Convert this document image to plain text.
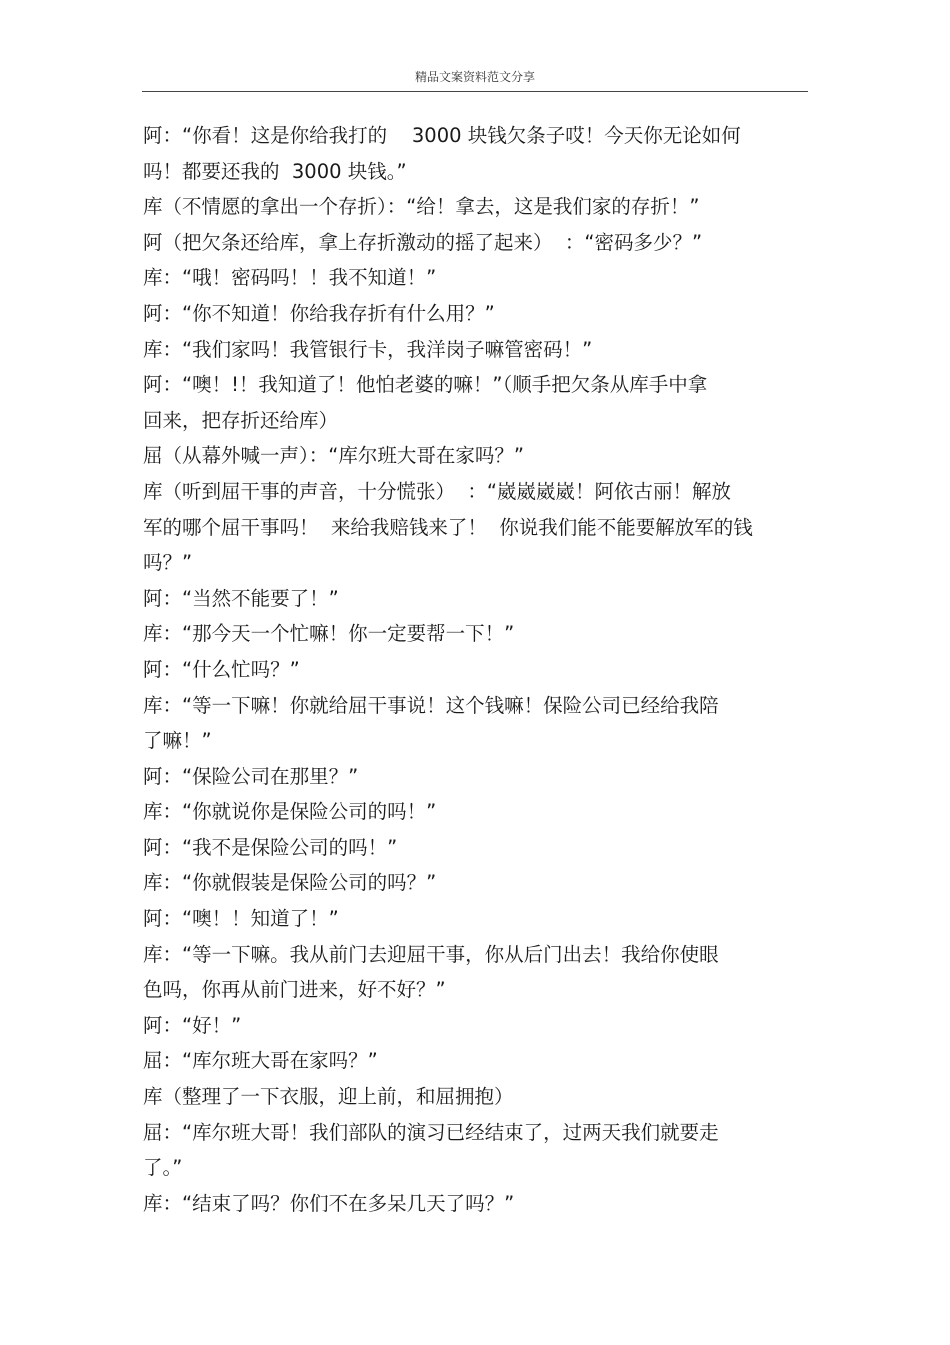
精品文案资料范文分享
阿：“你看！这是你给我打的    3000 块钱欠条子哎！今天你无论如何
吗！都要还我的  3000 块钱。”
库（不情愿的拿出一个存折）：“给！拿去，这是我们家的存折！”
阿（把欠条还给库，拿上存折激动的摇了起来）  ：“密码多少？”
库：“哦！密码吗！！我不知道！”
阿：“你不知道！你给我存折有什么用？”
库：“我们家吗！我管银行卡，我洋岗子嘛管密码！”
阿：“噢！!！我知道了！他怕老婆的嘛！”（顺手把欠条从库手中拿
回来，把存折还给库）
屈（从幕外喊一声）：“库尔班大哥在家吗？”
库（听到屈干事的声音，十分慌张）  ：“崴崴崴崴！阿依古丽！解放
军的哪个屈干事吗！  来给我赔钱来了！  你说我们能不能要解放军的钱
吗？”
阿：“当然不能要了！”
库：“那今天一个忙嘛！你一定要帮一下！”
阿：“什么忙吗？”
库：“等一下嘛！你就给屈干事说！这个钱嘛！保险公司已经给我陪
了嘛！”
阿：“保险公司在那里？”
库：“你就说你是保险公司的吗！”
阿：“我不是保险公司的吗！”
库：“你就假装是保险公司的吗？”
阿：“噢！！知道了！”
库：“等一下嘛。我从前门去迎屈干事，你从后门出去！我给你使眼
色吗，你再从前门进来，好不好？”
阿：“好！”
屈：“库尔班大哥在家吗？”
库（整理了一下衣服，迎上前，和屈拥抱）
屈：“库尔班大哥！我们部队的演习已经结束了，过两天我们就要走
了。”
库：“结束了吗？你们不在多呆几天了吗？”
